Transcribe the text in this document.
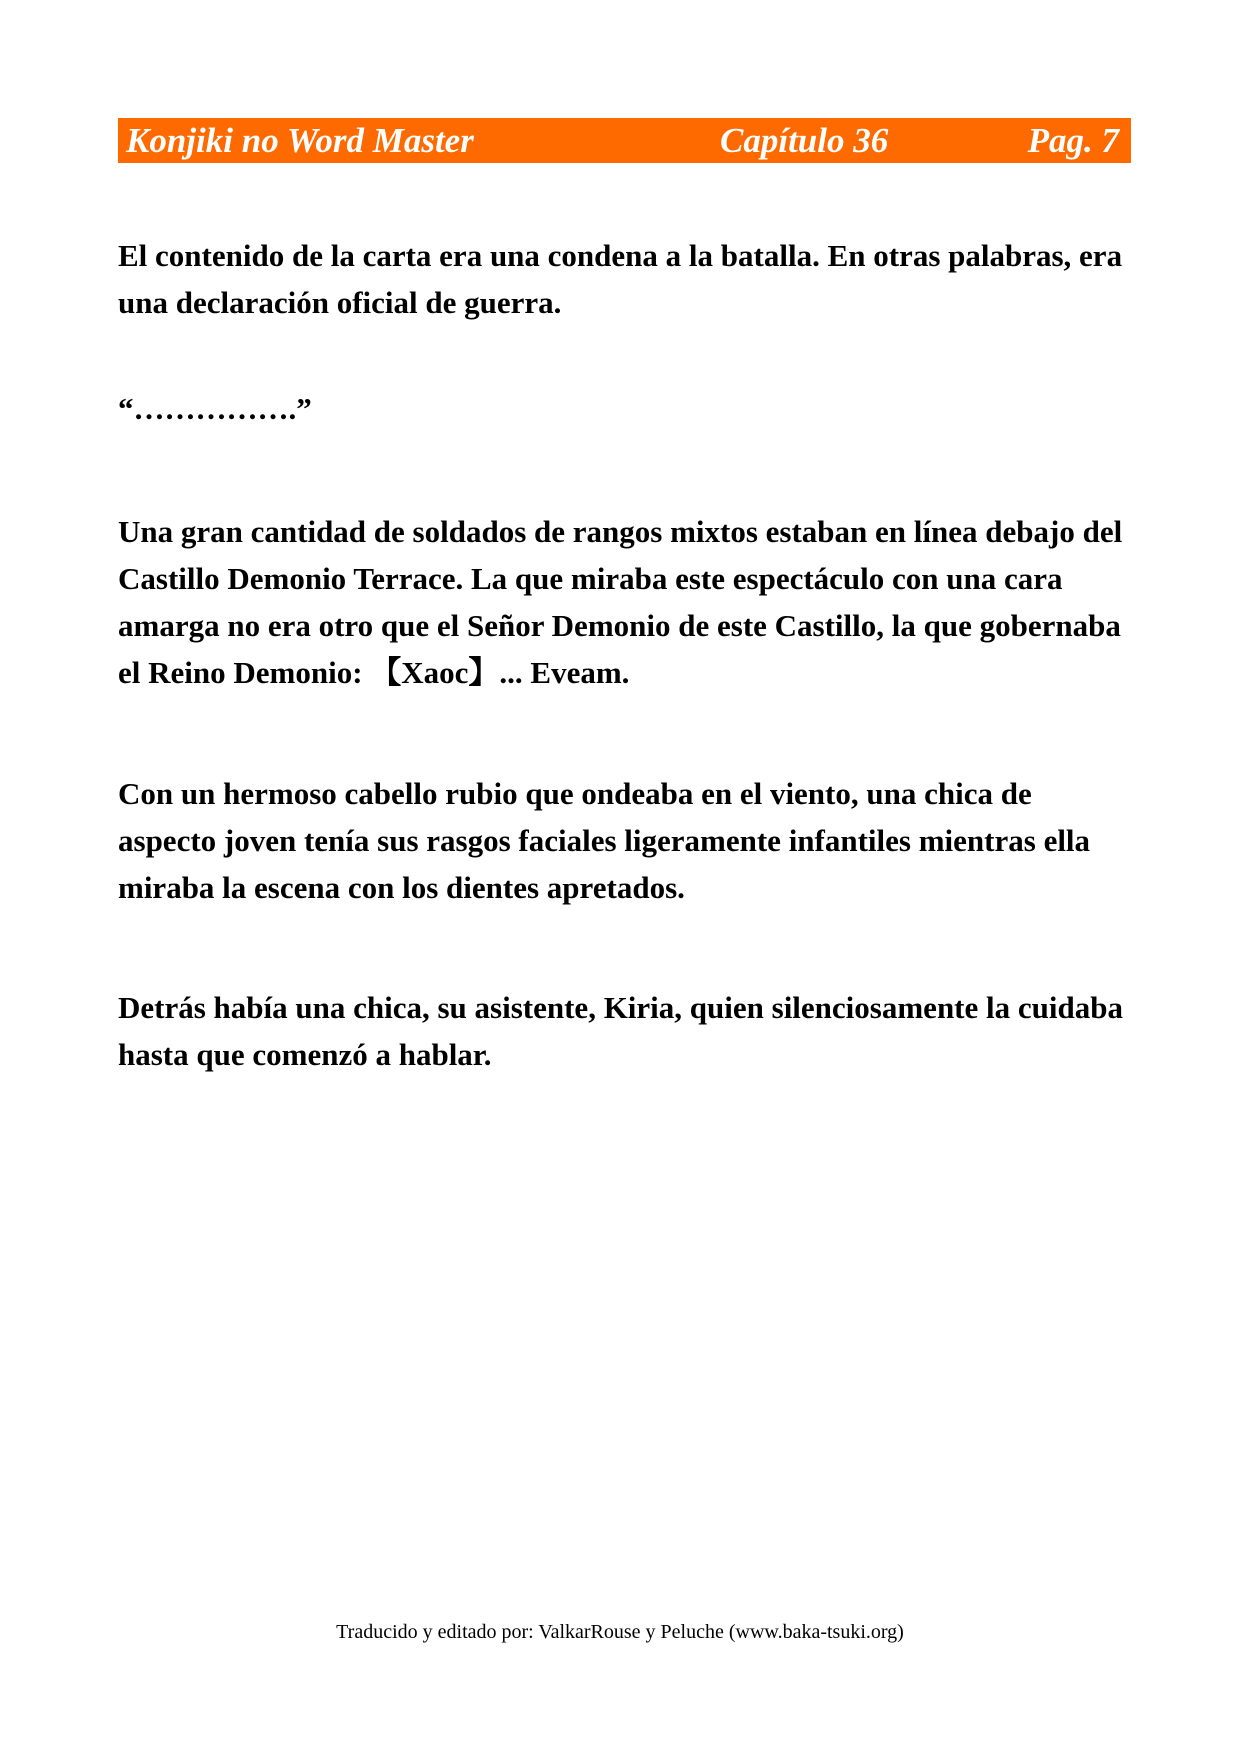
Konjiki no Word Master	Capítulo 36	Pag. 7

El contenido de la carta era una condena a la batalla. En otras palabras, era una declaración oficial de guerra.

“…………….”

Una gran cantidad de soldados de rangos mixtos estaban en línea debajo del Castillo Demonio Terrace. La que miraba este espectáculo con una cara amarga no era otro que el Señor Demonio de este Castillo, la que gobernaba el Reino Demonio: 【Xaoc】... Eveam.

Con un hermoso cabello rubio que ondeaba en el viento, una chica de aspecto joven tenía sus rasgos faciales ligeramente infantiles mientras ella miraba la escena con los dientes apretados.

Detrás había una chica, su asistente, Kiria, quien silenciosamente la cuidaba hasta que comenzó a hablar.

Traducido y editado por: ValkarRouse y Peluche (www.baka-tsuki.org)
